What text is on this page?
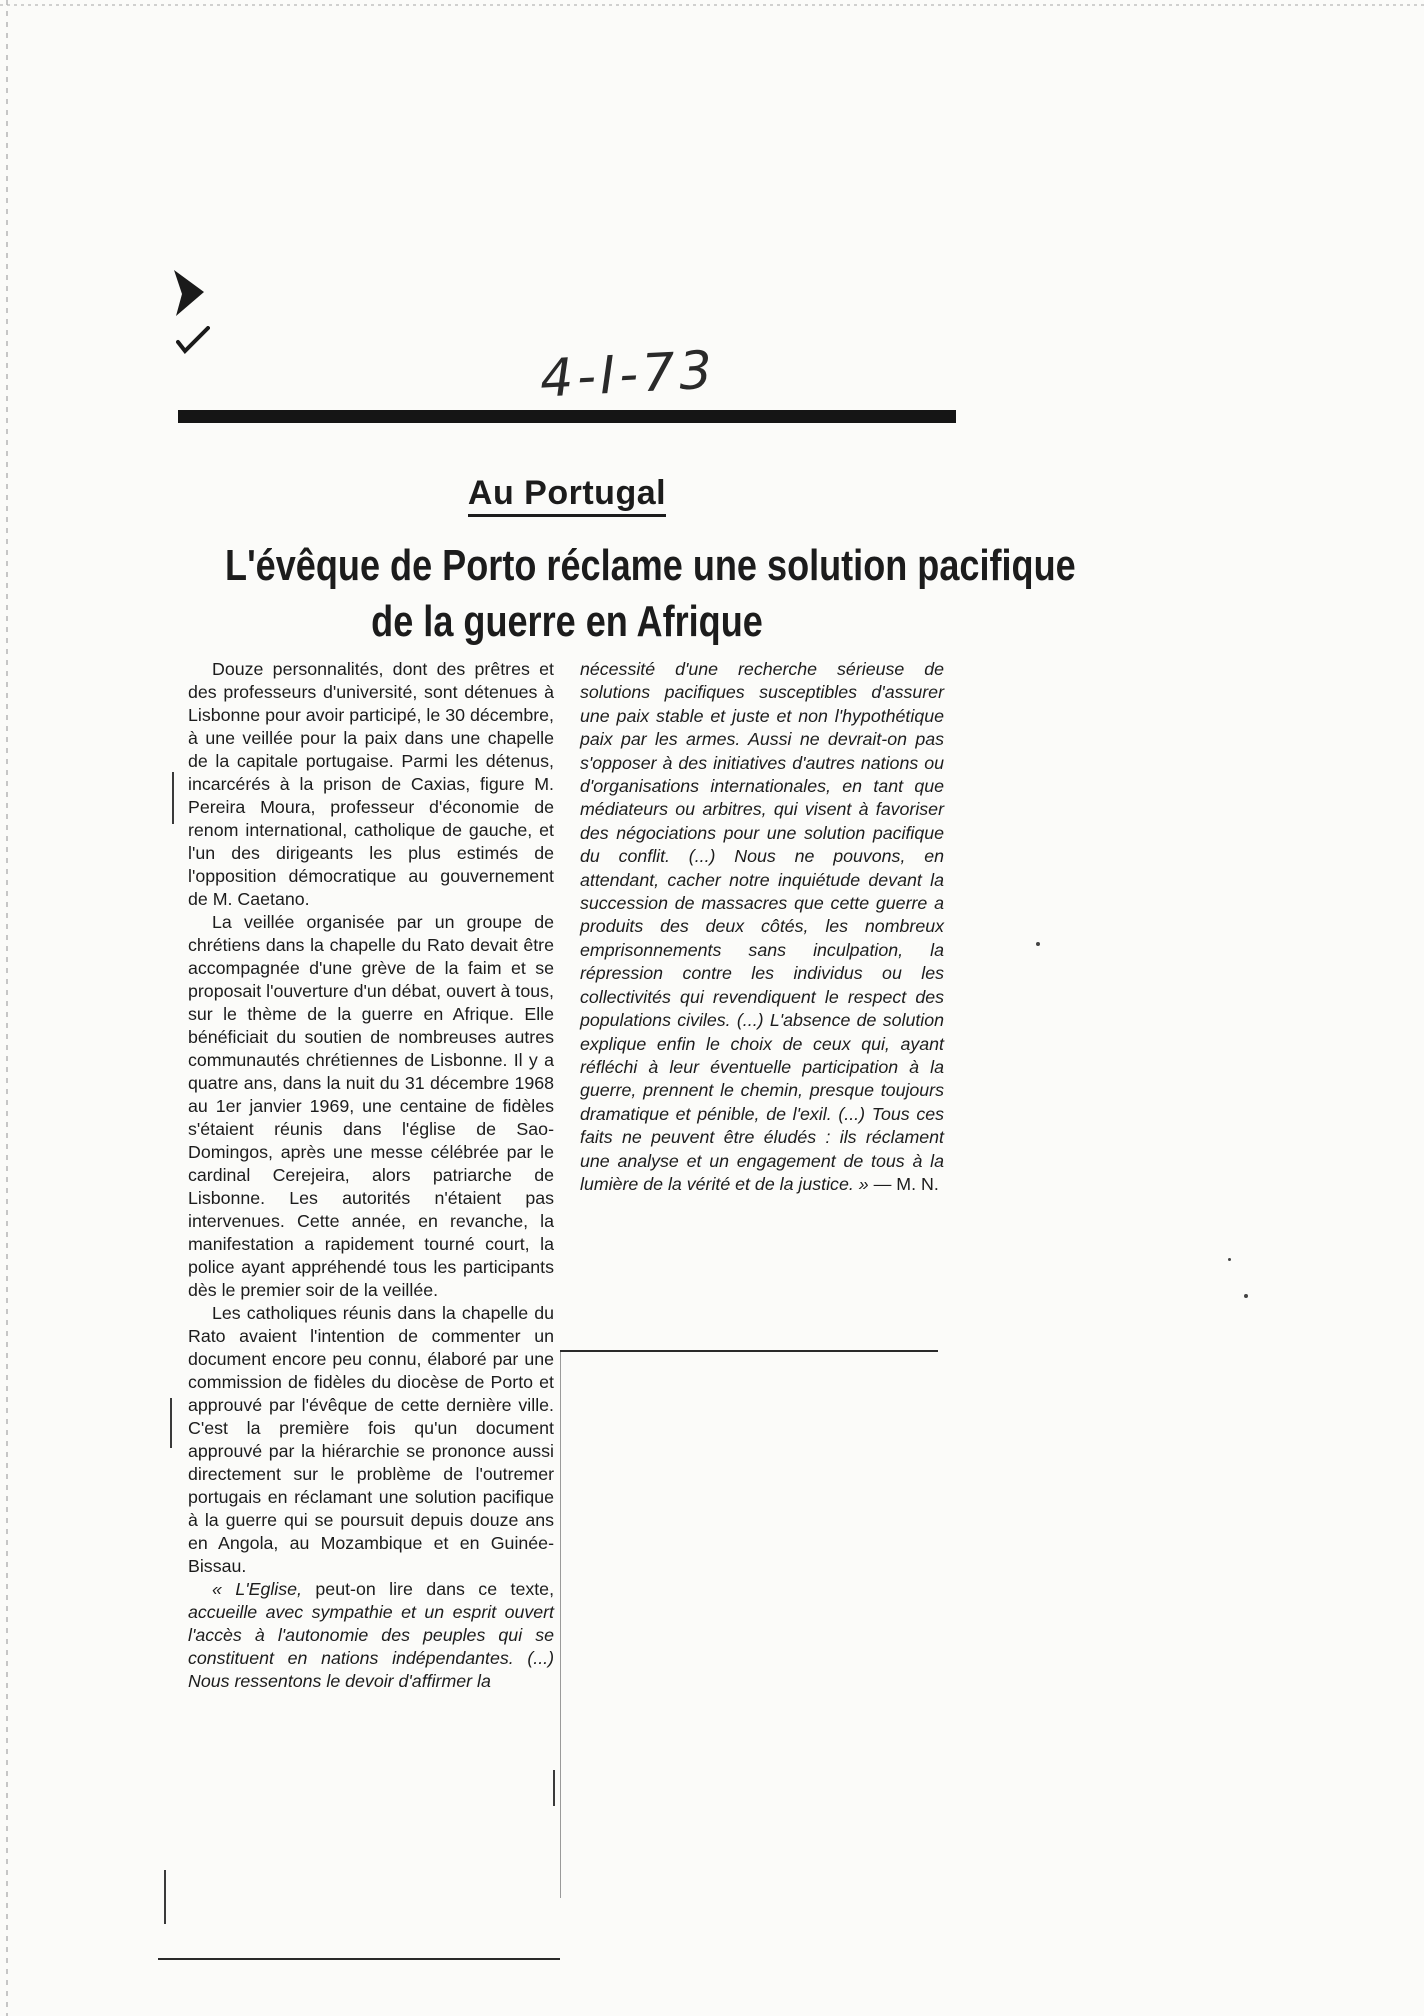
4-I-73
Au Portugal
L'évêque de Porto réclame une solution pacifique
de la guerre en Afrique

Douze personnalités, dont des prêtres et des professeurs d'université, sont détenues à Lisbonne pour avoir participé, le 30 décembre, à une veillée pour la paix dans une chapelle de la capitale portugaise. Parmi les détenus, incarcérés à la prison de Caxias, figure M. Pereira Moura, professeur d'économie de renom international, catholique de gauche, et l'un des dirigeants les plus estimés de l'opposition démocratique au gouvernement de M. Caetano.

La veillée organisée par un groupe de chrétiens dans la chapelle du Rato devait être accompagnée d'une grève de la faim et se proposait l'ouverture d'un débat, ouvert à tous, sur le thème de la guerre en Afrique. Elle bénéficiait du soutien de nombreuses autres communautés chrétiennes de Lisbonne. Il y a quatre ans, dans la nuit du 31 décembre 1968 au 1er janvier 1969, une centaine de fidèles s'étaient réunis dans l'église de Sao-Domingos, après une messe célébrée par le cardinal Cerejeira, alors patriarche de Lisbonne. Les autorités n'étaient pas intervenues. Cette année, en revanche, la manifestation a rapidement tourné court, la police ayant appréhendé tous les participants dès le premier soir de la veillée.

Les catholiques réunis dans la chapelle du Rato avaient l'intention de commenter un document encore peu connu, élaboré par une commission de fidèles du diocèse de Porto et approuvé par l'évêque de cette dernière ville. C'est la première fois qu'un document approuvé par la hiérarchie se prononce aussi directement sur le problème de l'outremer portugais en réclamant une solution pacifique à la guerre qui se poursuit depuis douze ans en Angola, au Mozambique et en Guinée-Bissau.

« L'Eglise, peut-on lire dans ce texte, accueille avec sympathie et un esprit ouvert l'accès à l'autonomie des peuples qui se constituent en nations indépendantes. (...) Nous ressentons le devoir d'affirmer la

nécessité d'une recherche sérieuse de solutions pacifiques susceptibles d'assurer une paix stable et juste et non l'hypothétique paix par les armes. Aussi ne devrait-on pas s'opposer à des initiatives d'autres nations ou d'organisations internationales, en tant que médiateurs ou arbitres, qui visent à favoriser des négociations pour une solution pacifique du conflit. (...) Nous ne pouvons, en attendant, cacher notre inquiétude devant la succession de massacres que cette guerre a produits des deux côtés, les nombreux emprisonnements sans inculpation, la répression contre les individus ou les collectivités qui revendiquent le respect des populations civiles. (...) L'absence de solution explique enfin le choix de ceux qui, ayant réfléchi à leur éventuelle participation à la guerre, prennent le chemin, presque toujours dramatique et pénible, de l'exil. (...) Tous ces faits ne peuvent être éludés : ils réclament une analyse et un engagement de tous à la lumière de la vérité et de la justice. » — M. N.
